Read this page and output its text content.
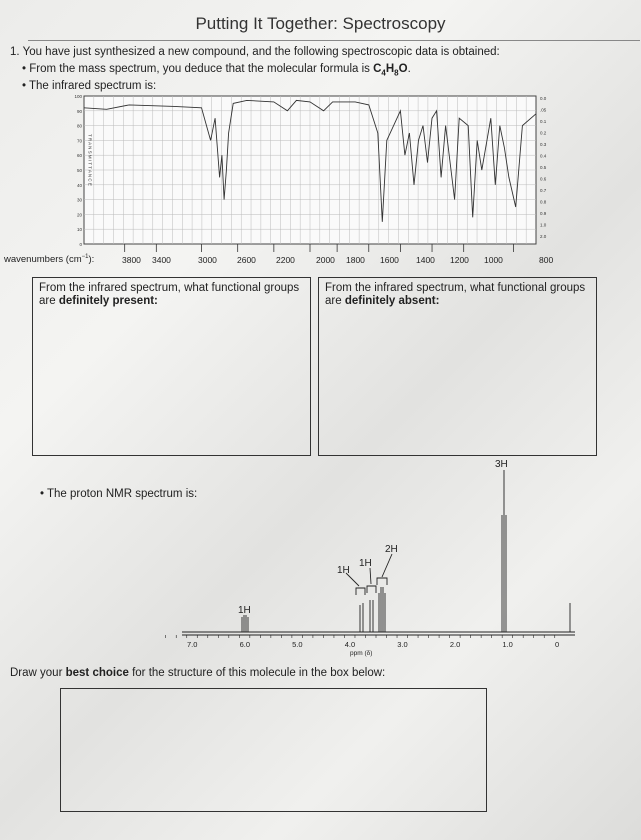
Putting It Together: Spectroscopy
1. You have just synthesized a new compound, and the following spectroscopic data is obtained:
• From the mass spectrum, you deduce that the molecular formula is $C_4H_8O$.
• The infrared spectrum is:
100
90
80
70
60
50
40
30
20
10
0
0.0
.05
0.1
0.2
0.3
0.4
0.5
0.6
0.7
0.8
0.9
1.0
2.0
T R A N S M I T T A N C E
wavenumbers $(cm^{-1})$:	3800 3400	3000 2600 2200 2000 1800 1600 1400 1200 1000	800
From the infrared spectrum, what functional groups are definitely present:
From the infrared spectrum, what functional groups are definitely absent:
• The proton NMR spectrum is:
1H
1H
1H
2H
3H
7.0	6.0	5.0	4.0	3.0	2.0	1.0	0
ppm (δ)
Draw your best choice for the structure of this molecule in the box below:
